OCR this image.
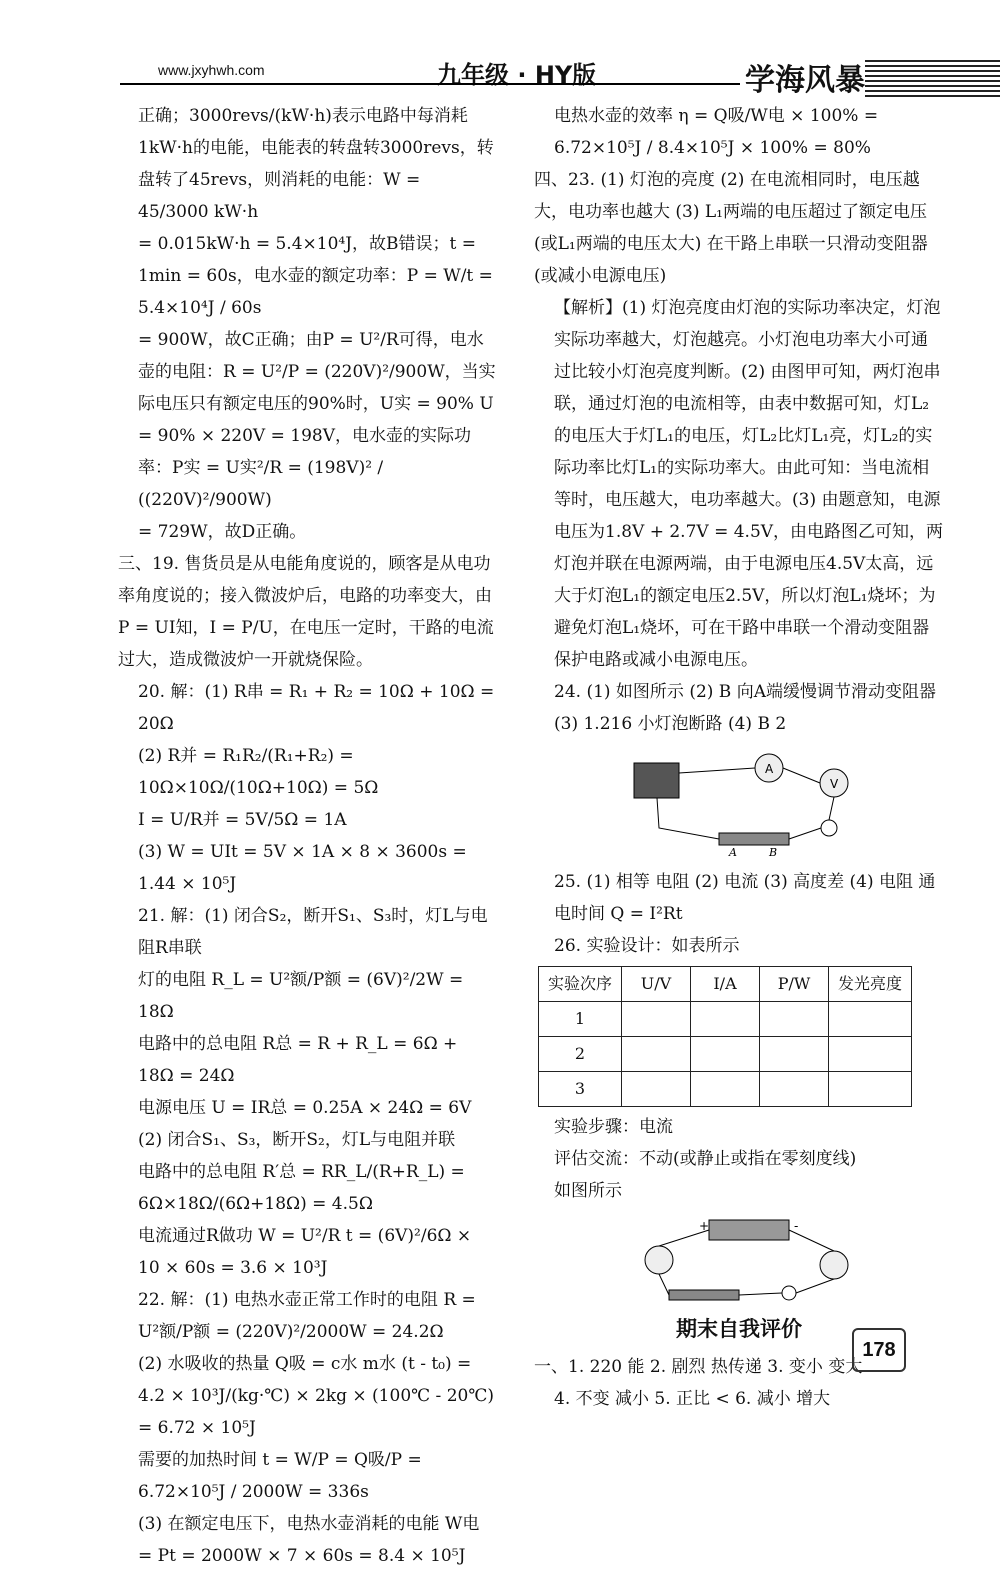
www.jxyhwh.com	九年级 · HY版	学海风暴

正确；3000revs/(kW·h)表示电路中每消耗1kW·h的电能，电能表的转盘转3000revs，转盘转了45revs，则消耗的电能：W = 45/3000 kW·h

= 0.015kW·h = 5.4×10⁴J，故B错误；t = 1min = 60s，电水壶的额定功率：P = W/t = 5.4×10⁴J / 60s

= 900W，故C正确；由P = U²/R可得，电水壶的电阻：R = U²/P = (220V)²/900W，当实际电压只有额定电压的90%时，U实 = 90% U = 90% × 220V = 198V，电水壶的实际功率：P实 = U实²/R = (198V)² / ((220V)²/900W)

= 729W，故D正确。

三、19. 售货员是从电能角度说的，顾客是从电功率角度说的；接入微波炉后，电路的功率变大，由P = UI知，I = P/U，在电压一定时，干路的电流过大，造成微波炉一开就烧保险。

20. 解：(1) R串 = R₁ + R₂ = 10Ω + 10Ω = 20Ω

(2) R并 = R₁R₂/(R₁+R₂) = 10Ω×10Ω/(10Ω+10Ω) = 5Ω

I = U/R并 = 5V/5Ω = 1A

(3) W = UIt = 5V × 1A × 8 × 3600s = 1.44 × 10⁵J

21. 解：(1) 闭合S₂，断开S₁、S₃时，灯L与电阻R串联

灯的电阻 R_L = U²额/P额 = (6V)²/2W = 18Ω

电路中的总电阻 R总 = R + R_L = 6Ω + 18Ω = 24Ω

电源电压 U = IR总 = 0.25A × 24Ω = 6V

(2) 闭合S₁、S₃，断开S₂，灯L与电阻并联

电路中的总电阻 R′总 = RR_L/(R+R_L) = 6Ω×18Ω/(6Ω+18Ω) = 4.5Ω

电流通过R做功 W = U²/R t = (6V)²/6Ω × 10 × 60s = 3.6 × 10³J

22. 解：(1) 电热水壶正常工作时的电阻 R = U²额/P额 = (220V)²/2000W = 24.2Ω

(2) 水吸收的热量 Q吸 = c水 m水 (t - t₀) = 4.2 × 10³J/(kg·℃) × 2kg × (100℃ - 20℃) = 6.72 × 10⁵J

需要的加热时间 t = W/P = Q吸/P = 6.72×10⁵J / 2000W = 336s

(3) 在额定电压下，电热水壶消耗的电能 W电 = Pt = 2000W × 7 × 60s = 8.4 × 10⁵J

电热水壶的效率 η = Q吸/W电 × 100% = 6.72×10⁵J / 8.4×10⁵J × 100% = 80%

四、23. (1) 灯泡的亮度 (2) 在电流相同时，电压越大，电功率也越大 (3) L₁两端的电压超过了额定电压(或L₁两端的电压太大) 在干路上串联一只滑动变阻器(或减小电源电压)

【解析】(1) 灯泡亮度由灯泡的实际功率决定，灯泡实际功率越大，灯泡越亮。小灯泡电功率大小可通过比较小灯泡亮度判断。(2) 由图甲可知，两灯泡串联，通过灯泡的电流相等，由表中数据可知，灯L₂的电压大于灯L₁的电压，灯L₂比灯L₁亮，灯L₂的实际功率比灯L₁的实际功率大。由此可知：当电流相等时，电压越大，电功率越大。(3) 由题意知，电源电压为1.8V + 2.7V = 4.5V，由电路图乙可知，两灯泡并联在电源两端，由于电源电压4.5V太高，远大于灯泡L₁的额定电压2.5V，所以灯泡L₁烧坏；为避免灯泡L₁烧坏，可在干路中串联一个滑动变阻器保护电路或减小电源电压。

24. (1) 如图所示 (2) B 向A端缓慢调节滑动变阻器 (3) 1.216 小灯泡断路 (4) B 2

A
V
A	B

25. (1) 相等 电阻 (2) 电流 (3) 高度差 (4) 电阻 通电时间 Q = I²Rt

26. 实验设计：如表所示

实验次序	U/V	I/A	P/W	发光亮度
1				
2				
3				

实验步骤：电流

评估交流：不动(或静止或指在零刻度线)

如图所示

+	-
期末自我评价

一、1. 220 能 2. 剧烈 热传递 3. 变小 变大

4. 不变 减小 5. 正比 < 6. 减小 增大

178
